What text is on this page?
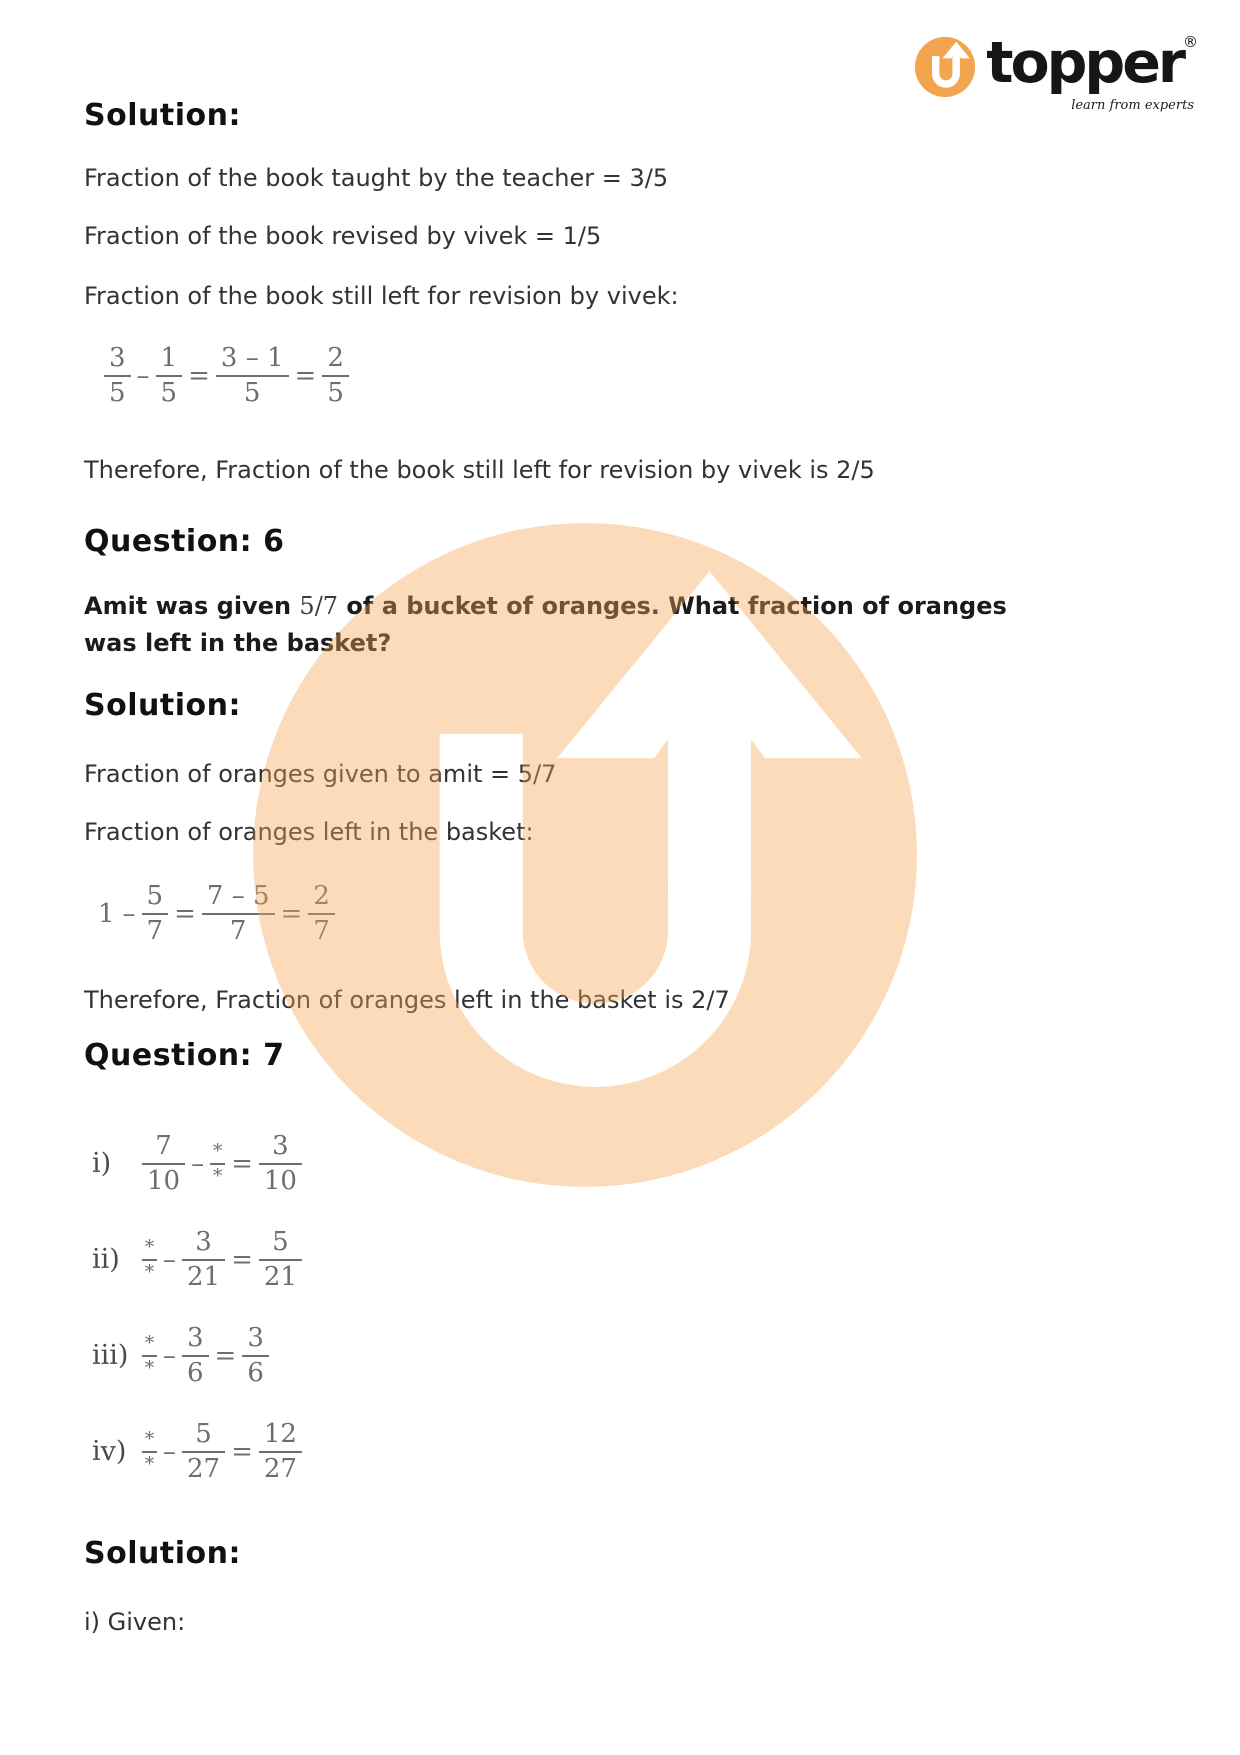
topper®
learn from experts
Solution:
Fraction of the book taught by the teacher = 3/5
Fraction of the book revised by vivek = 1/5
Fraction of the book still left for revision by vivek:
$\frac{3}{5} - \frac{1}{5} = \frac{3 - 1}{5} = \frac{2}{5}$
Therefore, Fraction of the book still left for revision by vivek is 2/5
Question: 6
Amit was given 5/7 of a bucket of oranges. What fraction of oranges was left in the basket?
Solution:
Fraction of oranges given to amit = 5/7
Fraction of oranges left in the basket:
$1 - \frac{5}{7} = \frac{7 - 5}{7} = \frac{2}{7}$
Therefore, Fraction of oranges left in the basket is 2/7
Question: 7
i)	$\frac{7}{10} - \frac{*}{*} = \frac{3}{10}$
ii)	$\frac{*}{*} - \frac{3}{21} = \frac{5}{21}$
$iii) \frac{*}{*} - \frac{3}{6} = \frac{3}{6}$
$iv) \frac{*}{*} - \frac{5}{27} = \frac{12}{27}$
Solution:
i) Given:
